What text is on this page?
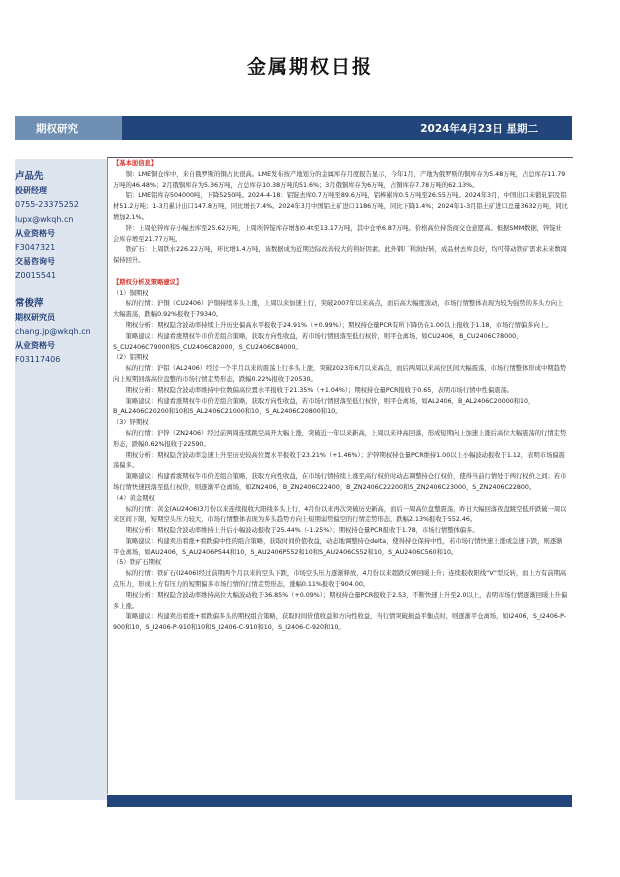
金属期权日报
期权研究	2024年4月23日 星期二
卢品先
投研经理
0755-23375252
lupx@wkqh.cn
从业资格号
F3047321
交易咨询号
Z0015541
常俊萍
期权研究员
chang.jp@wkqh.cn
从业资格号
F03117406
【基本面信息】

铜：LME铜仓库中，来自俄罗斯的铜占比很高。LME发布按产地划分的金属库存月度报告显示，今年1月，产地为俄罗斯的铜库存为5.48万吨，占总库存11.79万吨的46.48%；2月俄铜库存为5.36万吨，占总库存10.38万吨的51.6%；3月俄铜库存为6万吨，占铜库存7.78万吨的62.13%。

铝：LME铝库存504000吨，下降5250吨。2024-4-18：铝锭去库0.7万吨至89.6万吨，铝棒累库0.5万吨至26.55万吨。2024年3月，中国出口未锻轧铝及铝材51.2万吨；1-3月累计出口147.8万吨，同比增长7.4%。2024年3月中国铝土矿进口1186万吨，同比下降1.4%；2024年1-3月铝土矿进口总量3632万吨，同比增加2.1%。

锌：上周伦锌库存小幅去库至25.62万吨，上周所锌锭库存增加0.4t至13.17万吨，其中仓单6.87万吨。价格高位持货商交仓意愿高。根据SMM数据，锌锭社会库存增至21.77万吨。

铁矿石：上周铁水226.22万吨，环比增1.4万吨，该数据成为近期边际改善较大的利好因素。此外钢厂利润好转，成品材去库良好，均可带动铁矿需求未来数周保持回升。

【期权分析及策略建议】

（1）铜期权

标的行情：沪铜（CU2406）沪铜持续多头上涨，上周以来加速上行，突破2007年以来高点，而后高大幅度波动，市场行情整体表现为较为强势的多头方向上大幅震荡，跌幅0.92%报收于79340。

期权分析：期权隐含波动率持续上升历史偏高水平报收于24.91%（+0.99%）；期权持仓量PCR有所下降仍在1.00以上报收于1.18，市场行情偏多向上。

策略建议：构建看涨期权牛市价差组合策略，获取方向性收益，若市场行情回落至低行权价，则平仓离场，如CU2406，B_CU2406C78000，S_CU2406C79000和S_CU2406C82000，S_CU2406C84000。

（2）铝期权

标的行情：沪铝（AL2406）经过一个半月以来的震荡上行多头上涨，突破2023年6月以来高点，而后两周以来高位区间大幅震荡，市场行情整体形成中期趋势向上短期回落高位盘整的市场行情走势形态，跌幅0.22%报收于20530。

期权分析：期权隐含波动率维持中位数偏高位置水平报收于21.35%（+1.04%）；期权持仓量PCR报收于0.65，表明市场行情中性偏震荡。

策略建议：构建看涨期权牛市价差组合策略，获取方向性收益，若市场行情回落至低行权价，则平仓离场，如AL2406，B_AL2406C20000和10，B_AL2406C20200和10和S_AL2406C21000和10，S_AL2406C20800和10。

（3）锌期权

标的行情：沪锌（ZN2406）经过前两周连续跳空高开大幅上涨，突破近一年以来新高，上周以来冲高回落，形成短期向上加速上涨后高位大幅震荡的行情走势形态，跌幅0.62%报收于22590。

期权分析：期权隐含波动率急速上升至历史较高位置水平报收于23.21%（+1.46%）；沪锌期权持仓量PCR维持1.00以上小幅波动报收于1.12，表明市场偏震荡偏多。

策略建议：构建看涨期权牛市价差组合策略，获取方向性收益，在市场行情持续上涨至高行权价时动态调整持仓行权价，使得当前行情处于两行权价之间；若市场行情快速回落至低行权价，则逐渐平仓离场，如ZN2406，B_ZN2406C22400，B_ZN2406C22200和S_ZN2406C23000，S_ZN2406C22800。

（4）黄金期权

标的行情：黄金(AU2406)3月份以来连续报收大阳线多头上行，4月份以来再次突破历史新高，而后一周高位盘整震荡，昨日大幅回落夜盘跳空低开跌破一周以来区间下限，短期空头压力较大，市场行情整体表现为多头趋势方向上短期弱势偏空的行情走势形态，跌幅2.13%报收于552.46。

期权分析：期权隐含波动率维持上升后小幅波动报收于25.44%（-1.25%）；期权持仓量PCR报收于1.78，市场行情整体偏多。

策略建议：构建卖出看涨+看跌偏中性的组合策略，获取时间价值收益，动态地调整持仓delta，使得持仓保持中性，若市场行情快速上涨或急速下跌，则逐渐平仓离场，如AU2406，S_AU2406P544和10，S_AU2406P552和10和S_AU2406C552和10，S_AU2406C560和10。

（5）铁矿石期权

标的行情：铁矿石(I2406)经过前期两个月以来的空头下跌，市场空头压力逐渐释放，4月份以来超跌反弹回暖上升；连续报收阳线“V”型反转，而上方有前期高点压力，形成上方有压力的短期偏多市场行情的行情走势形态，涨幅0.11%报收于904.00。

期权分析：期权隐含波动率维持高位大幅波动收于36.85%（+0.09%）；期权持仓量PCR报收于2.53，不断快速上升至2.0以上，表明市场行情逐渐回暖上升偏多上涨。

策略建议：构建卖出看涨+看跌偏多头的期权组合策略，获取时间价值收益和方向性收益，当行情突破损益平衡点时，则逐渐平仓离场，如I2406，S_I2406-P-900和10，S_I2406-P-910和10和S_I2406-C-910和10，S_I2406-C-920和10。
